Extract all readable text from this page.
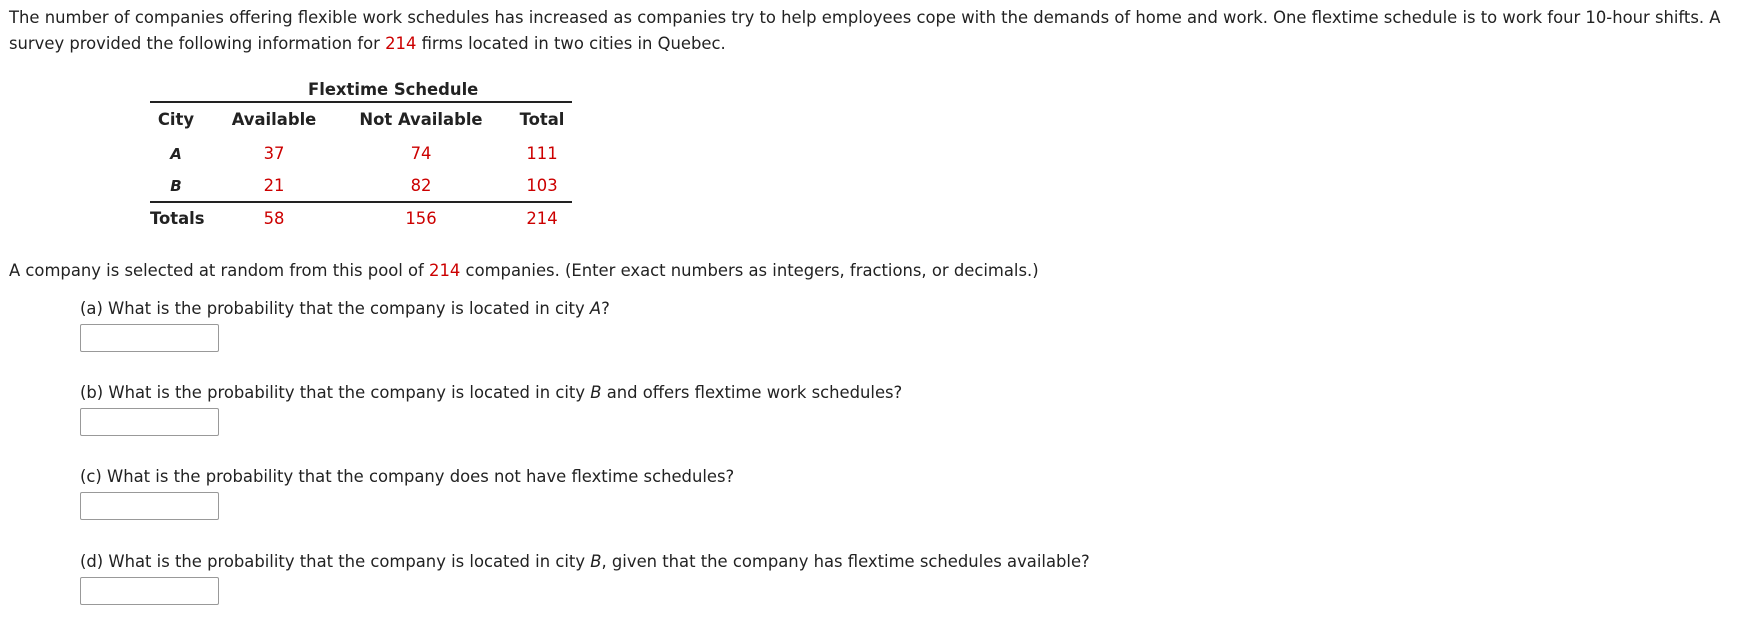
The number of companies offering flexible work schedules has increased as companies try to help employees cope with the demands of home and work. One flextime schedule is to work four 10-hour shifts. A survey provided the following information for 214 firms located in two cities in Quebec.

Flextime Schedule
City	Available	Not Available	Total
A	37	74	111
B	21	82	103
Totals	58	156	214
A company is selected at random from this pool of 214 companies. (Enter exact numbers as integers, fractions, or decimals.)
(a) What is the probability that the company is located in city A?
(b) What is the probability that the company is located in city B and offers flextime work schedules?
(c) What is the probability that the company does not have flextime schedules?
(d) What is the probability that the company is located in city B, given that the company has flextime schedules available?
